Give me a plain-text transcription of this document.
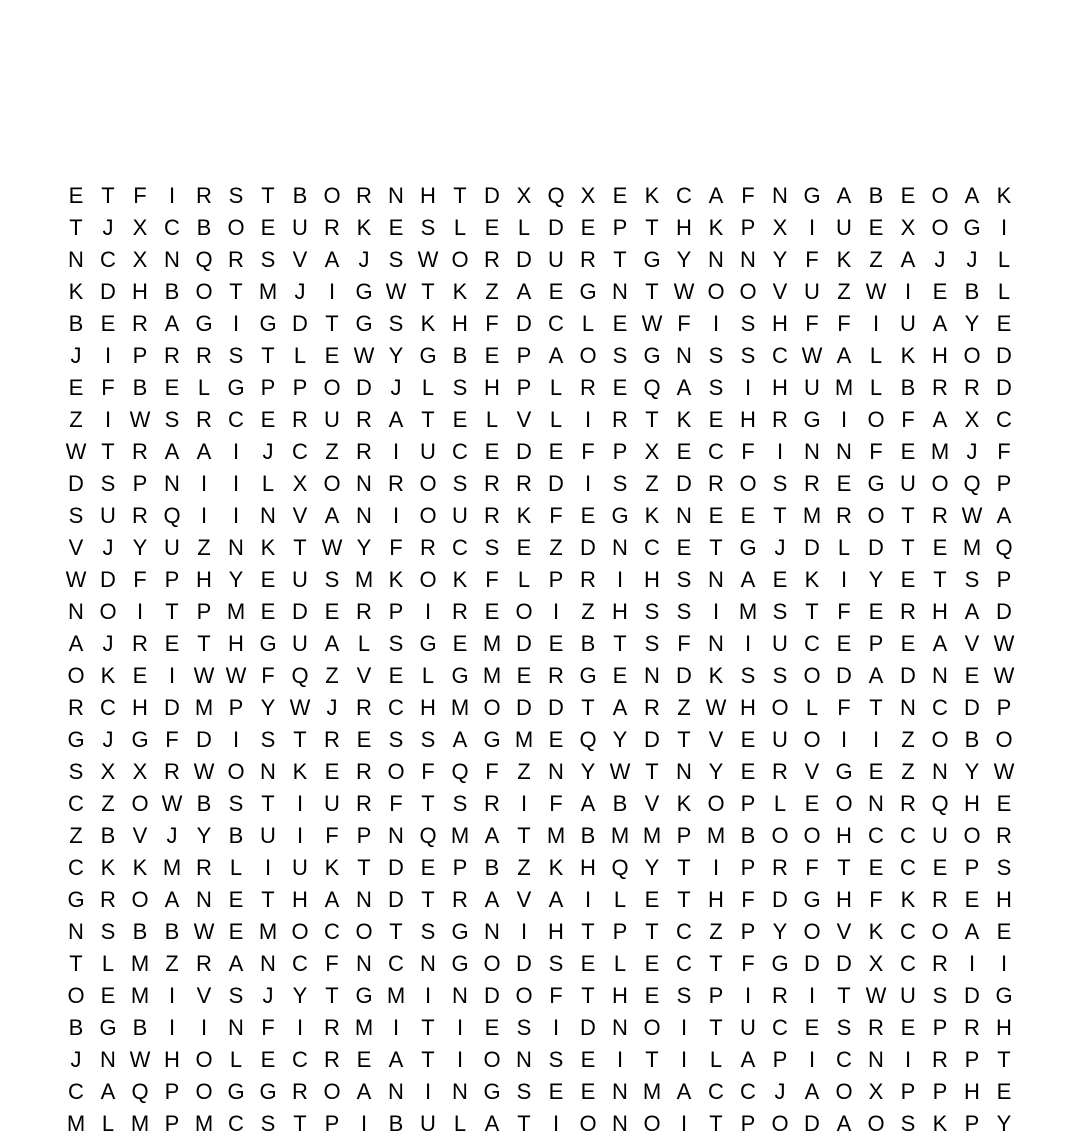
E T F	I R S T B O R N H T D X Q X E K C A F N G A B E O A K
T J X C B O E U R K E S L E L D E P T H K P X I U E X O G I
N C X N Q R S V A J S W O R D U R T G Y N N Y F K Z A J J L
K D H B O T M J	I G W T K Z A E G N T W O O V U Z W I E B L
B E R A G I G D T G S K H F D C L E W F	I S H F F	I U A Y E
J	I P R R S T L E W Y G B E P A O S G N S S C W A L K H O D
E F B E L G P P O D J L S H P L R E Q A S I H U M L B R R D
Z	I W S R C E R U R A T E L V L	I R T K E H R G I O F A X C
W T R A A I	J C Z R I U C E D E F P X E C F	I N N F E M J F
D S P N I	I	L X O N R O S R R D I S Z D R O S R E G U O Q P
S U R Q I	I N V A N I O U R K F E G K N E E T M R O T R W A
V J Y U Z N K T W Y F R C S E Z D N C E T G J D L D T E M Q
W D F P H Y E U S M K O K F L P R I H S N A E K I Y E T S P
N O I	T P M E D E R P I R E O I	Z H S S I M S T F E R H A D
A J R E T H G U A L S G E M D E B T S F N I U C E P E A V W
O K E I W W F Q Z V E L G M E R G E N D K S S O D A D N E W
R C H D M P Y W J R C H M O D D T A R Z W H O L F T N C D P
G J G F D I S T R E S S A G M E Q Y D T V E U O I	I	Z O B O
S X X R W O N K E R O F Q F Z N Y W T N Y E R V G E Z N Y W
C Z O W B S T	I U R F T S R I	F A B V K O P L E O N R Q H E
Z B V J Y B U I	F P N Q M A T M B M M P M B O O H C C U O R
C K K M R L	I U K T D E P B Z K H Q Y T	I P R F T E C E P S
G R O A N E T H A N D T R A V A I	L E T H F D G H F K R E H
N S B B W E M O C O T S G N I H T P T C Z P Y O V K C O A E
T L M Z R A N C F N C N G O D S E L E C T F G D D X C R I	I
O E M I V S J Y T G M I N D O F T H E S P I R I	T W U S D G
B G B I	I N F	I R M I	T	I E S I D N O I	T U C E S R E P R H
J N W H O L E C R E A T	I O N S E I	T	I	L A P I C N I R P T
C A Q P O G G R O A N I N G S E E N M A C C J A O X P P H E
M L M P M C S T P I B U L A T	I O N O I	T P O D A O S K P Y
